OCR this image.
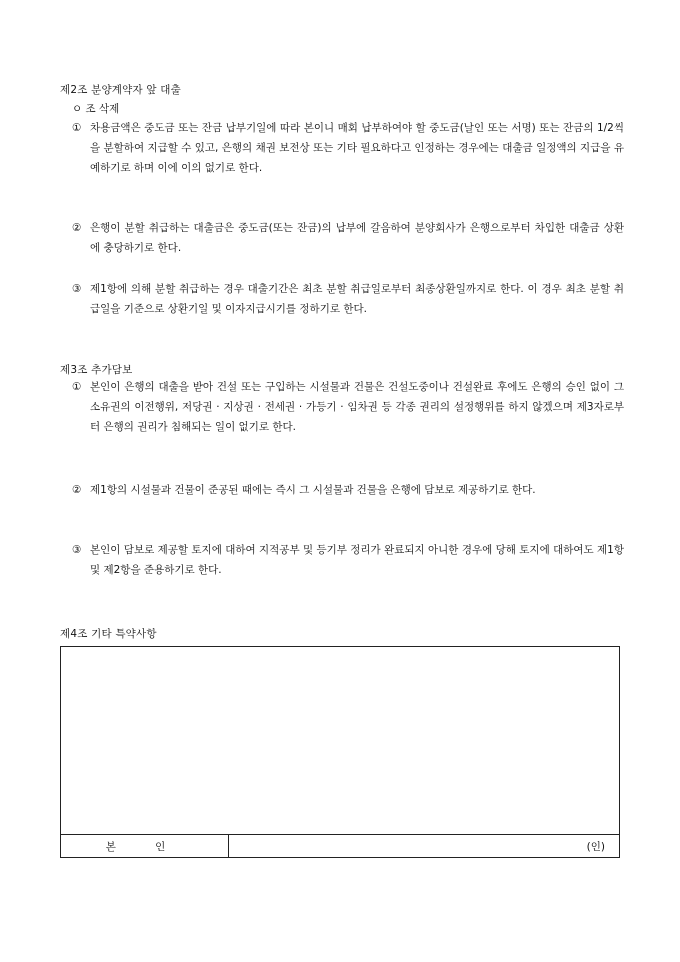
제2조 분양계약자 앞 대출
ㅇ 조 삭제
① 차용금액은 중도금 또는 잔금 납부기일에 따라 본이니 매회 납부하여야 할 중도금(날인 또는 서명) 또는 잔금의 1/2씩을 분할하여 지급할 수 있고, 은행의 채권 보전상 또는 기타 필요하다고 인정하는 경우에는 대출금 일정액의 지급을 유예하기로 하며 이에 이의 없기로 한다.
② 은행이 분할 취급하는 대출금은 중도금(또는 잔금)의 납부에 갈음하여 분양회사가 은행으로부터 차입한 대출금 상환에 충당하기로 한다.
③ 제1항에 의해 분할 취급하는 경우 대출기간은 최초 분할 취급일로부터 최종상환일까지로 한다. 이 경우 최초 분할 취급일을 기준으로 상환기일 및 이자지급시기를 정하기로 한다.
제3조 추가담보
① 본인이 은행의 대출을 받아 건설 또는 구입하는 시설물과 건물은 건설도중이나 건설완료 후에도 은행의 승인 없이 그 소유권의 이전행위, 저당권 · 지상권 · 전세권 · 가등기 · 임차권 등 각종 권리의 설정행위를 하지 않겠으며 제3자로부터 은행의 권리가 침해되는 일이 없기로 한다.
② 제1항의 시설물과 건물이 준공된 때에는 즉시 그 시설물과 건물을 은행에 담보로 제공하기로 한다.
③ 본인이 담보로 제공할 토지에 대하여 지적공부 및 등기부 정리가 완료되지 아니한 경우에 당해 토지에 대하여도 제1항 및 제2항을 준용하기로 한다.
제4조 기타 특약사항
본 인	(인)
